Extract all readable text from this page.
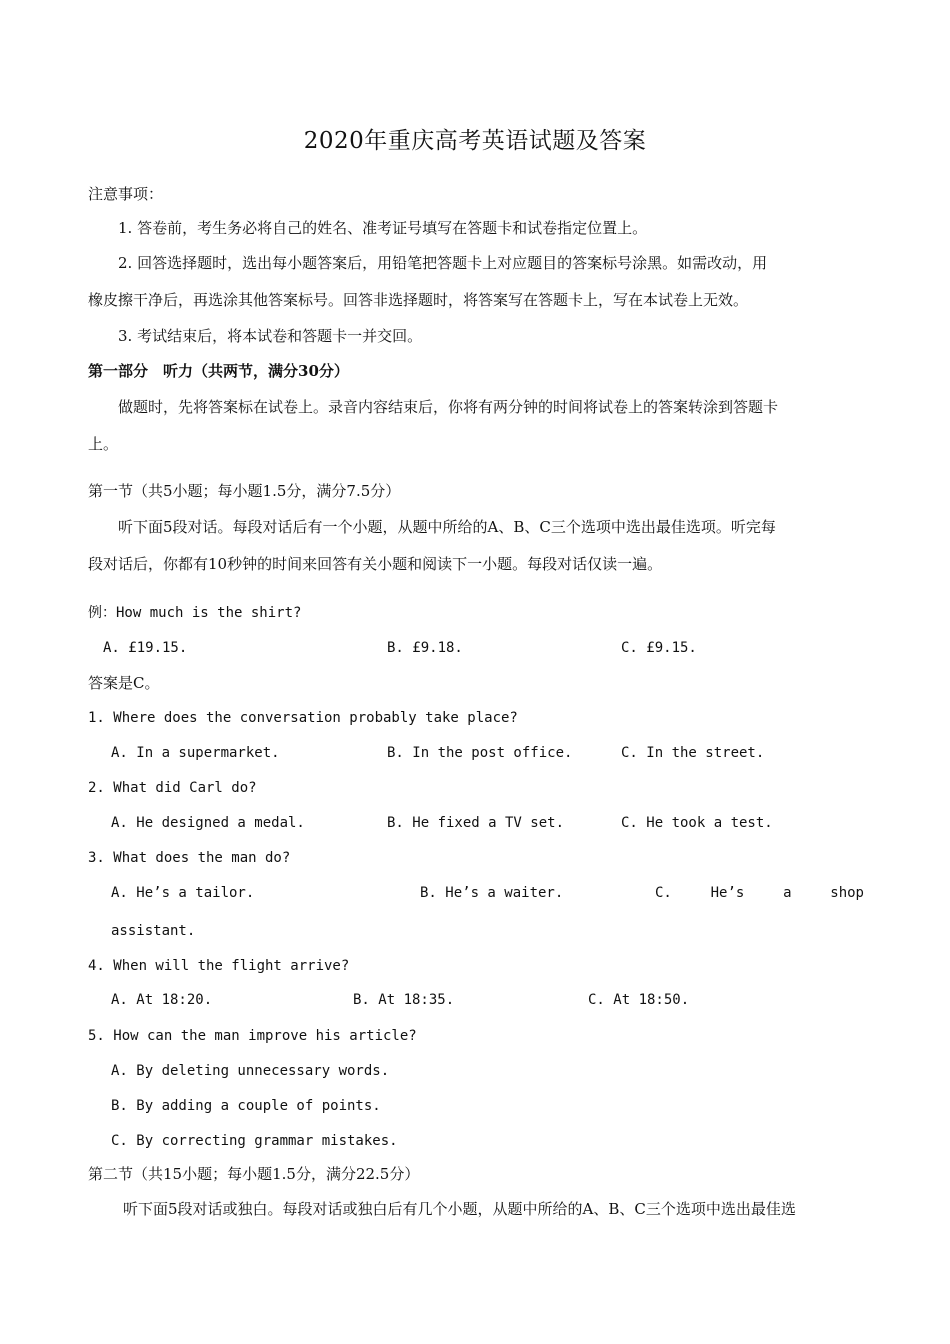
2020年重庆高考英语试题及答案
注意事项：
1. 答卷前，考生务必将自己的姓名、准考证号填写在答题卡和试卷指定位置上。
2. 回答选择题时，选出每小题答案后，用铅笔把答题卡上对应题目的答案标号涂黑。如需改动，用
橡皮擦干净后，再选涂其他答案标号。回答非选择题时，将答案写在答题卡上，写在本试卷上无效。
3. 考试结束后，将本试卷和答题卡一并交回。
第一部分　听力（共两节，满分30分）
做题时，先将答案标在试卷上。录音内容结束后，你将有两分钟的时间将试卷上的答案转涂到答题卡
上。
第一节（共5小题；每小题1.5分，满分7.5分）
听下面5段对话。每段对话后有一个小题，从题中所给的A、B、C三个选项中选出最佳选项。听完每
段对话后，你都有10秒钟的时间来回答有关小题和阅读下一小题。每段对话仅读一遍。
例：How much is the shirt?
A. £19.15.	B. £9.18.	C. £9.15.
答案是C。
1. Where does the conversation probably take place?
A. In a supermarket.	B. In the post office.	C. In the street.
2. What did Carl do?
A. He designed a medal.	B. He fixed a TV set.	C. He took a test.
3. What does the man do?
A. He’s a tailor.	B. He’s a waiter.	C.	He’s	a	shop
assistant.
4. When will the flight arrive?
A. At 18:20.	B. At 18:35.	C. At 18:50.
5. How can the man improve his article?
A. By deleting unnecessary words.
B. By adding a couple of points.
C. By correcting grammar mistakes.
第二节（共15小题；每小题1.5分，满分22.5分）
听下面5段对话或独白。每段对话或独白后有几个小题，从题中所给的A、B、C三个选项中选出最佳选
